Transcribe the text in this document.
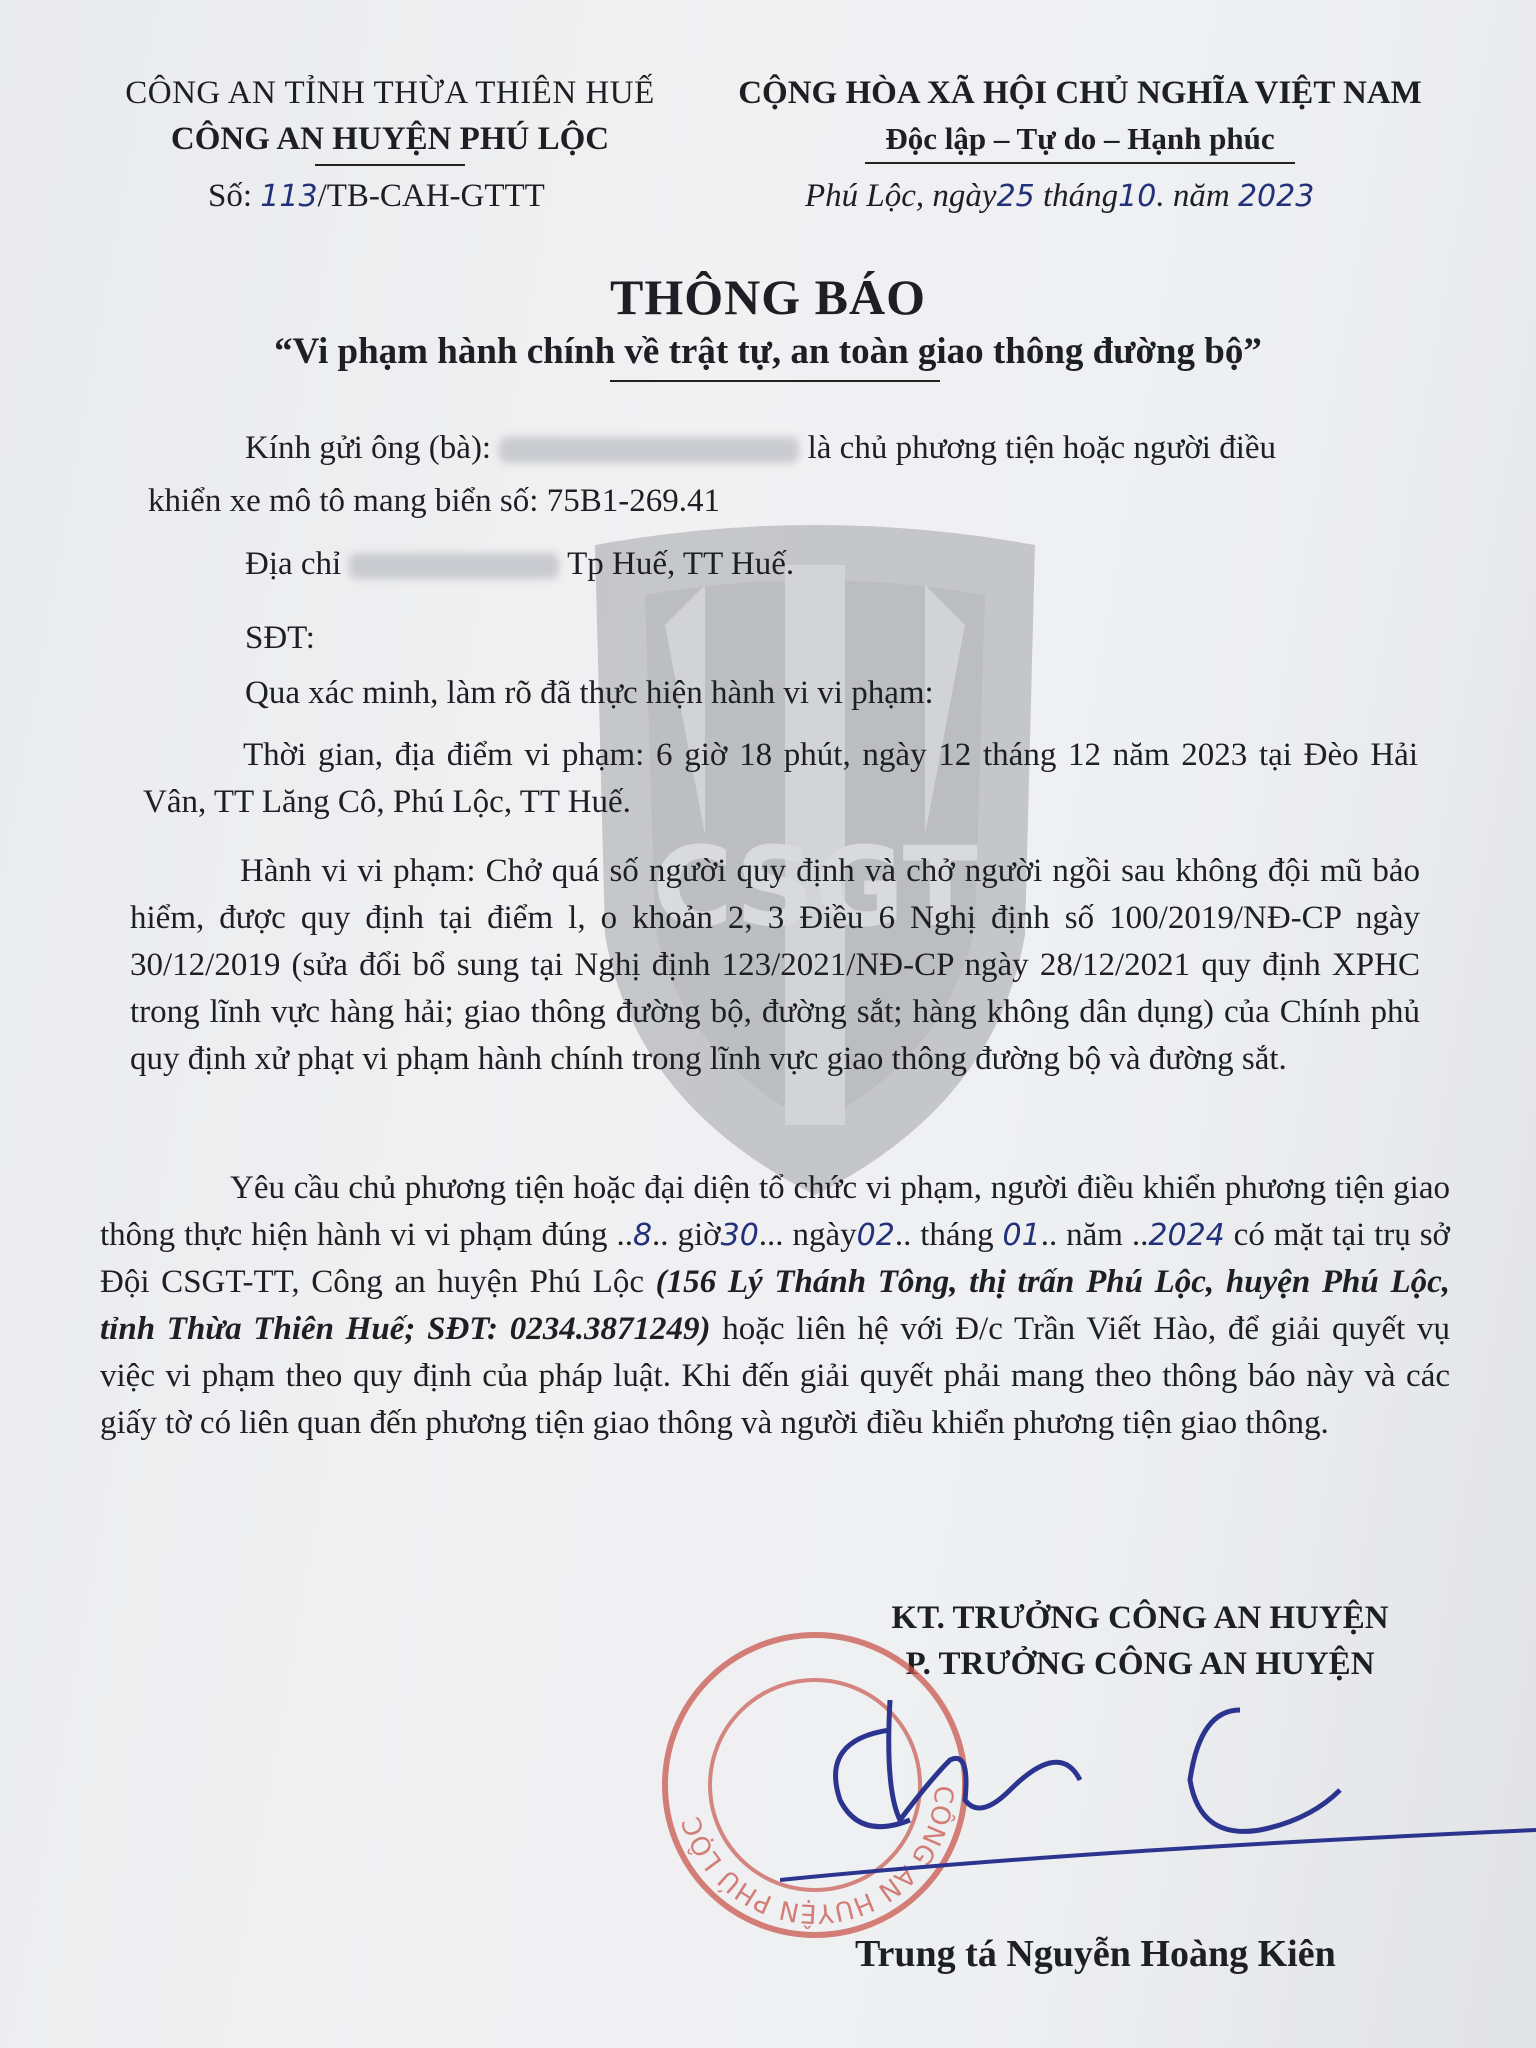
CSGT
CÔNG AN TỈNH THỪA THIÊN HUẾ
CÔNG AN HUYỆN PHÚ LỘC
CỘNG HÒA XÃ HỘI CHỦ NGHĨA VIỆT NAM
Độc lập – Tự do – Hạnh phúc
Số: 113/TB-CAH-GTTT	Phú Lộc, ngày25 tháng10. năm 2023
THÔNG BÁO
“Vi phạm hành chính về trật tự, an toàn giao thông đường bộ”
Kính gửi ông (bà):	là chủ phương tiện hoặc người điều
khiển xe mô tô mang biển số: 75B1-269.41
Địa chỉ	Tp Huế, TT Huế.
SĐT:
Qua xác minh, làm rõ đã thực hiện hành vi vi phạm:
Thời gian, địa điểm vi phạm: 6 giờ 18 phút, ngày 12 tháng 12 năm 2023 tại Đèo Hải Vân, TT Lăng Cô, Phú Lộc, TT Huế.
Hành vi vi phạm: Chở quá số người quy định và chở người ngồi sau không đội mũ bảo hiểm, được quy định tại điểm l, o khoản 2, 3 Điều 6 Nghị định số 100/2019/NĐ-CP ngày 30/12/2019 (sửa đổi bổ sung tại Nghị định 123/2021/NĐ-CP ngày 28/12/2021 quy định XPHC trong lĩnh vực hàng hải; giao thông đường bộ, đường sắt; hàng không dân dụng) của Chính phủ quy định xử phạt vi phạm hành chính trong lĩnh vực giao thông đường bộ và đường sắt.
Yêu cầu chủ phương tiện hoặc đại diện tổ chức vi phạm, người điều khiển phương tiện giao thông thực hiện hành vi vi phạm đúng ..8.. giờ30... ngày02.. tháng 01.. năm ..2024 có mặt tại trụ sở Đội CSGT-TT, Công an huyện Phú Lộc (156 Lý Thánh Tông, thị trấn Phú Lộc, huyện Phú Lộc, tỉnh Thừa Thiên Huế; SĐT: 0234.3871249) hoặc liên hệ với Đ/c Trần Viết Hào, để giải quyết vụ việc vi phạm theo quy định của pháp luật. Khi đến giải quyết phải mang theo thông báo này và các giấy tờ có liên quan đến phương tiện giao thông và người điều khiển phương tiện giao thông.
KT. TRƯỞNG CÔNG AN HUYỆN
P. TRƯỞNG CÔNG AN HUYỆN
CÔNG AN HUYỆN PHÚ LỘC
Trung tá Nguyễn Hoàng Kiên
